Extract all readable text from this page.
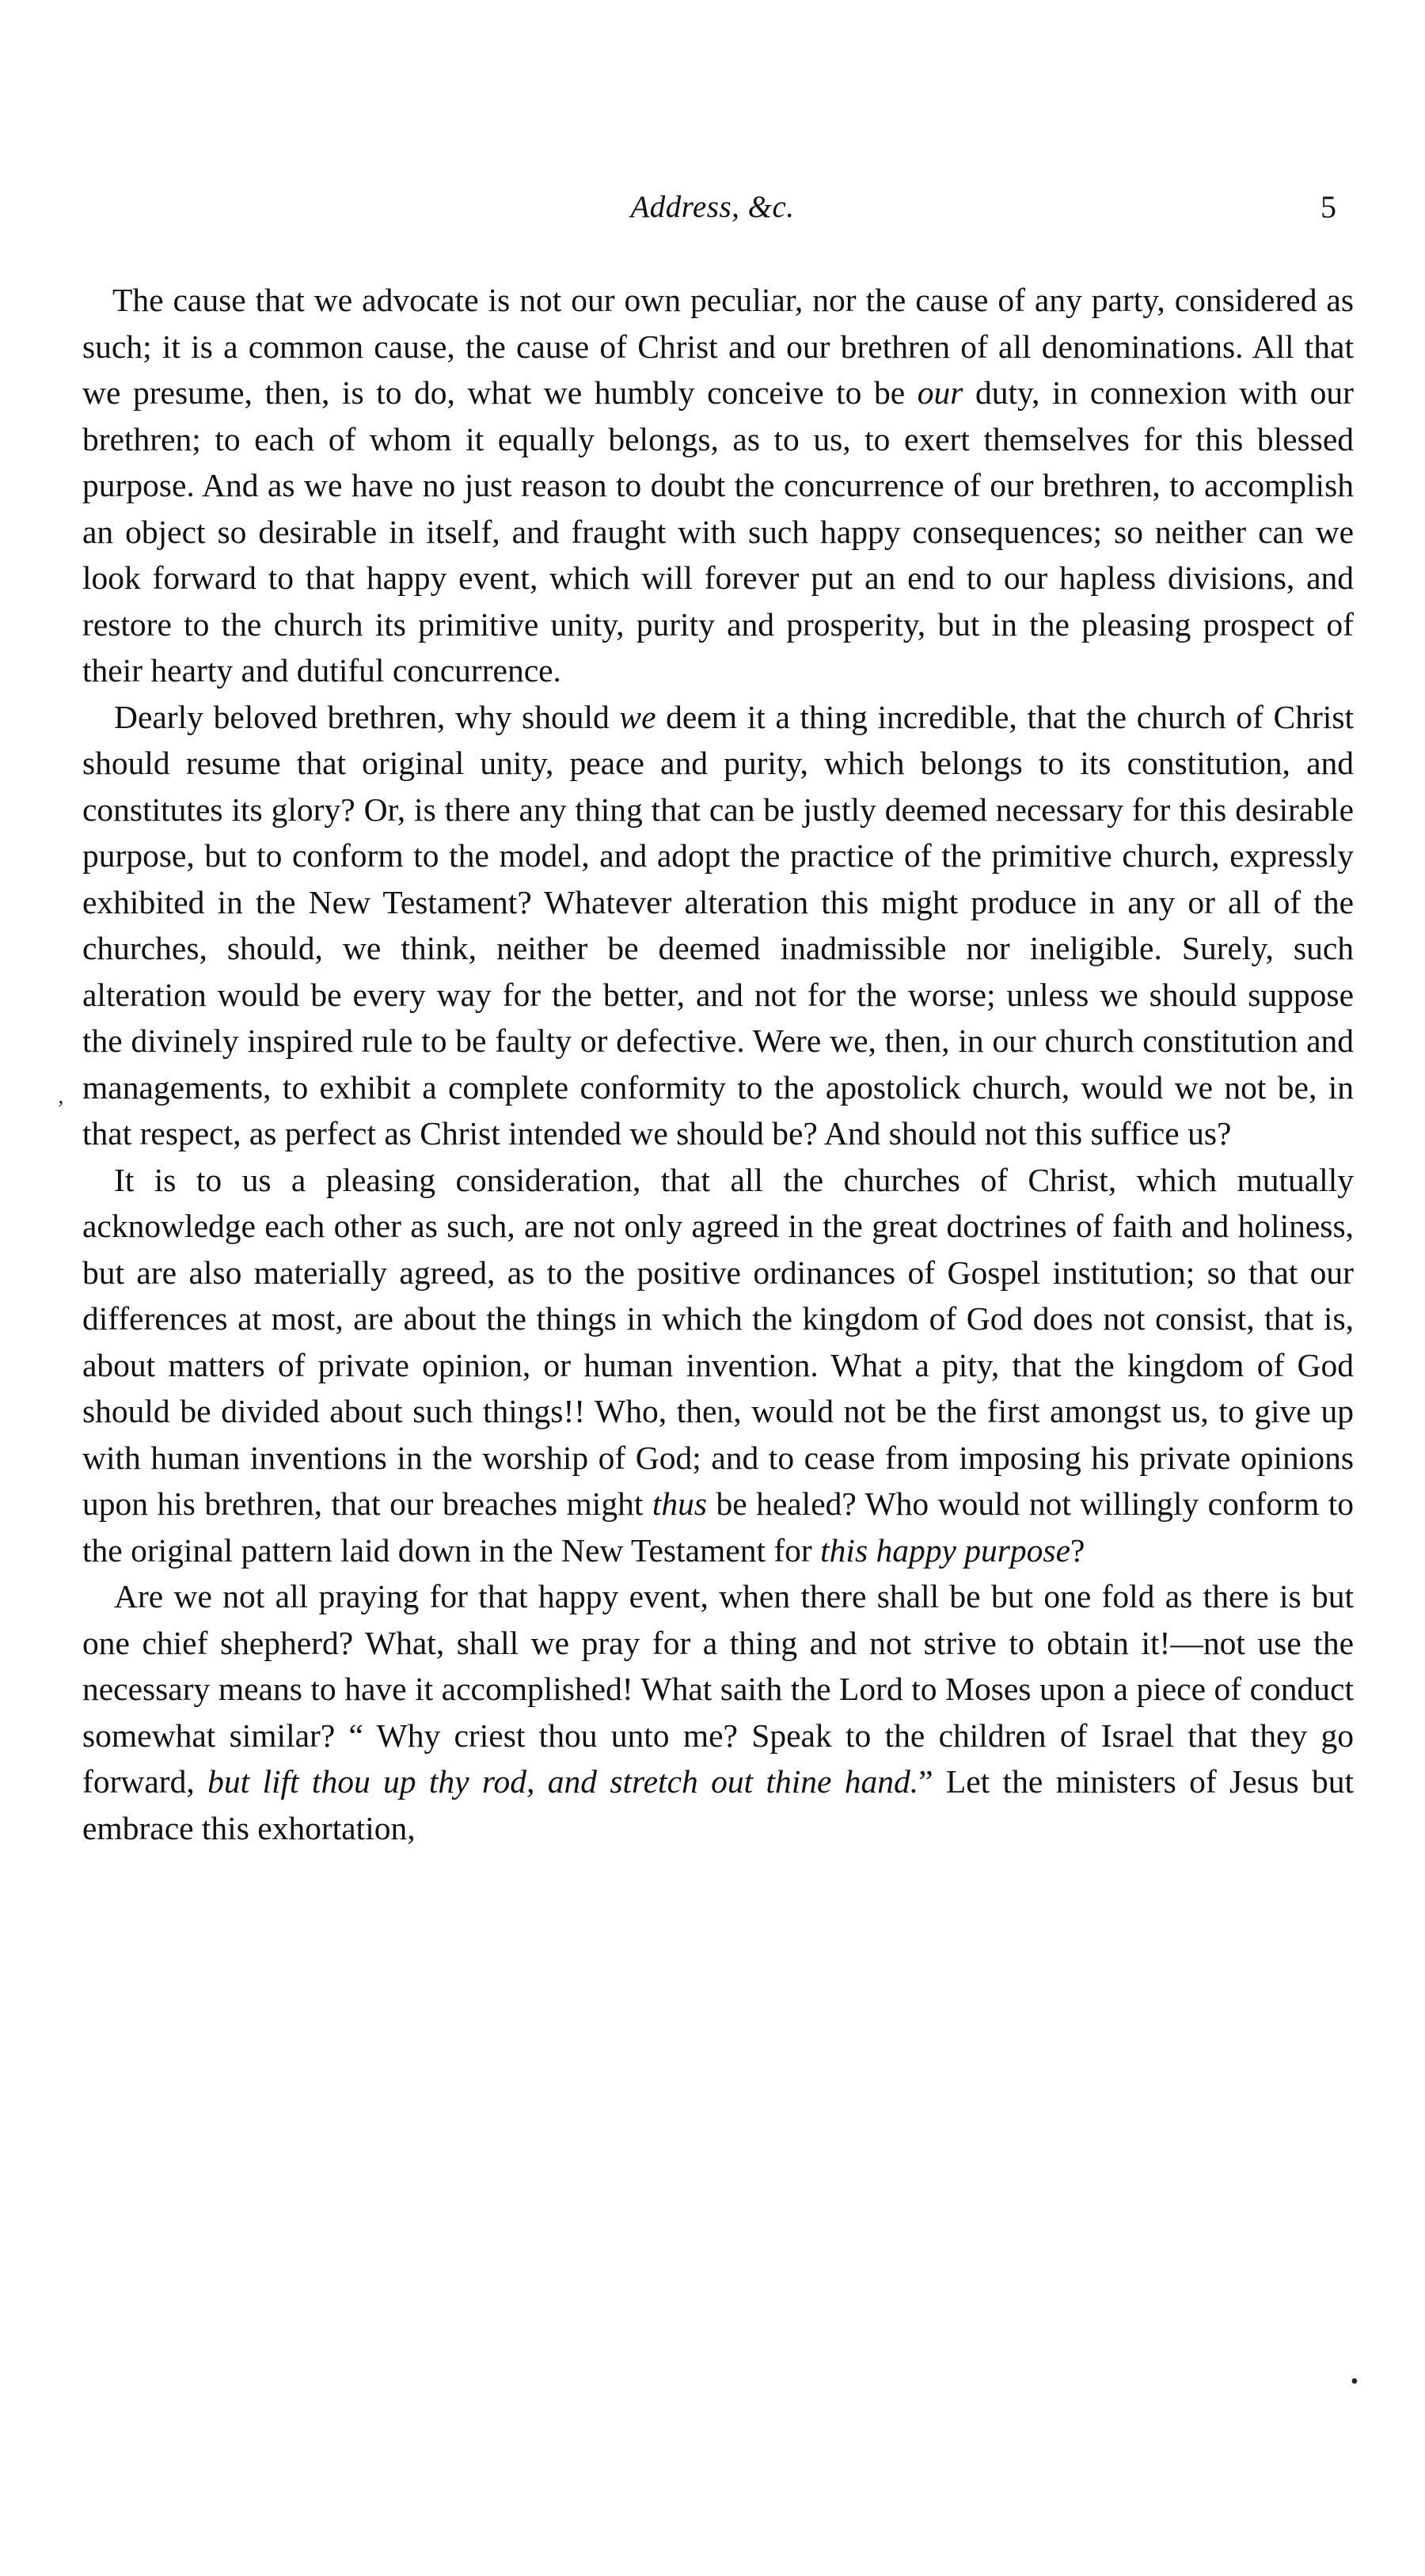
Address, &c.	5

The cause that we advocate is not our own peculiar, nor the cause of any party, considered as such; it is a common cause, the cause of Christ and our brethren of all denominations. All that we presume, then, is to do, what we humbly conceive to be our duty, in connexion with our brethren; to each of whom it equally belongs, as to us, to exert themselves for this blessed purpose. And as we have no just reason to doubt the concurrence of our brethren, to accomplish an object so desirable in itself, and fraught with such happy consequences; so neither can we look forward to that happy event, which will forever put an end to our hapless divisions, and restore to the church its primitive unity, purity and prosperity, but in the pleasing prospect of their hearty and dutiful concurrence.

Dearly beloved brethren, why should we deem it a thing incredible, that the church of Christ should resume that original unity, peace and purity, which belongs to its constitution, and constitutes its glory? Or, is there any thing that can be justly deemed necessary for this desirable purpose, but to conform to the model, and adopt the practice of the primitive church, expressly exhibited in the New Testament? Whatever alteration this might produce in any or all of the churches, should, we think, neither be deemed inadmissible nor ineligible. Surely, such alteration would be every way for the better, and not for the worse; unless we should suppose the divinely inspired rule to be faulty or defective. Were we, then, in our church constitution and managements, to exhibit a complete conformity to the apostolick church, would we not be, in that respect, as perfect as Christ intended we should be? And should not this suffice us?

It is to us a pleasing consideration, that all the churches of Christ, which mutually acknowledge each other as such, are not only agreed in the great doctrines of faith and holiness, but are also materially agreed, as to the positive ordinances of Gospel institution; so that our differences at most, are about the things in which the kingdom of God does not consist, that is, about matters of private opinion, or human invention. What a pity, that the kingdom of God should be divided about such things!! Who, then, would not be the first amongst us, to give up with human inventions in the worship of God; and to cease from imposing his private opinions upon his brethren, that our breaches might thus be healed? Who would not willingly conform to the original pattern laid down in the New Testament for this happy purpose?

Are we not all praying for that happy event, when there shall be but one fold as there is but one chief shepherd? What, shall we pray for a thing and not strive to obtain it!—not use the necessary means to have it accomplished! What saith the Lord to Moses upon a piece of conduct somewhat similar? “ Why criest thou unto me? Speak to the children of Israel that they go forward, but lift thou up thy rod, and stretch out thine hand.” Let the ministers of Jesus but embrace this exhortation,

ʼ
•
